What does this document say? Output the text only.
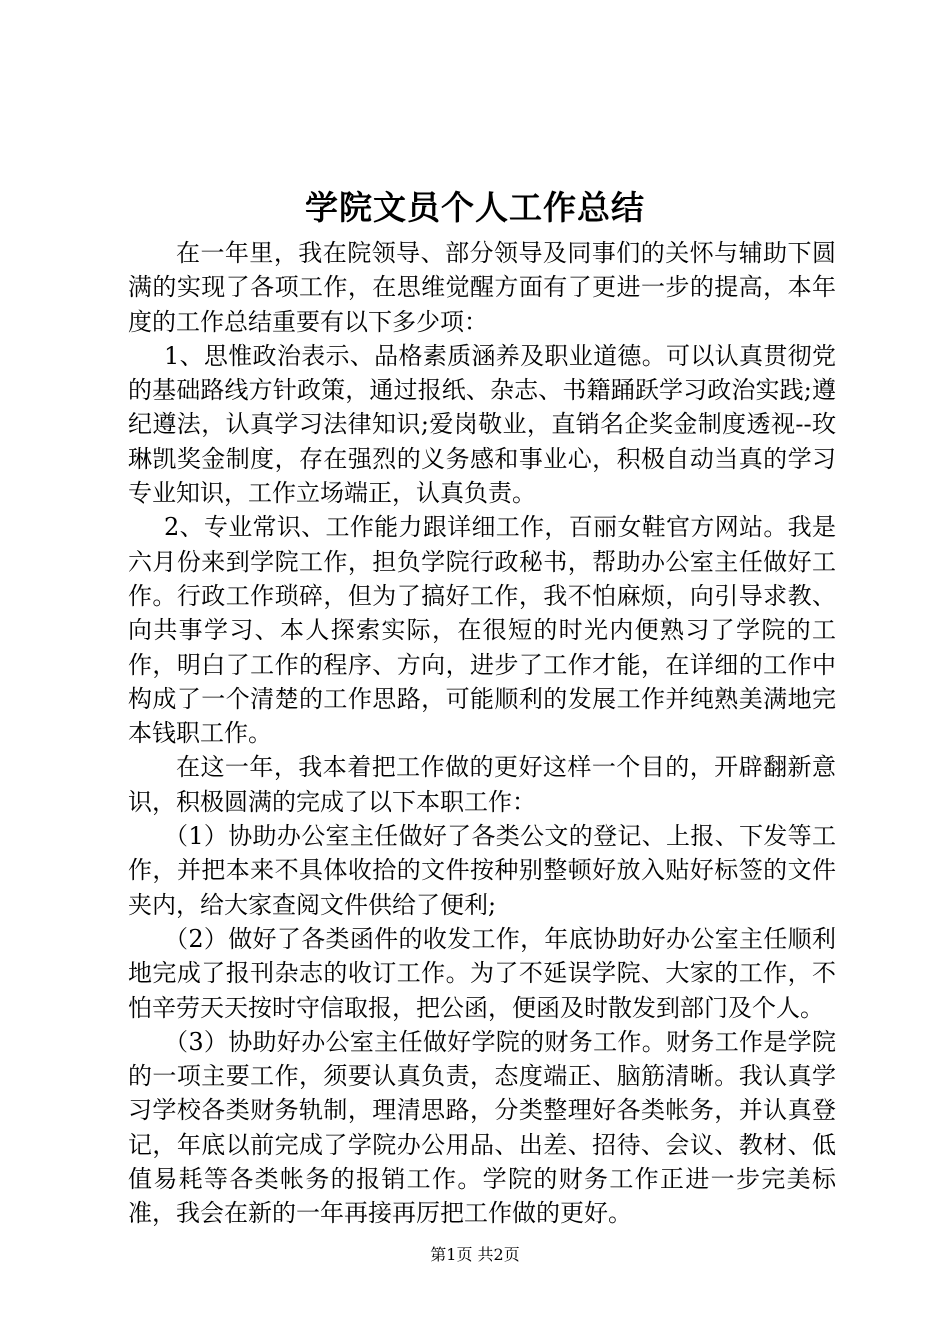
学院文员个人工作总结

在一年里，我在院领导、部分领导及同事们的关怀与辅助下圆满的实现了各项工作，在思维觉醒方面有了更进一步的提高，本年度的工作总结重要有以下多少项：

1、思惟政治表示、品格素质涵养及职业道德。可以认真贯彻党的基础路线方针政策，通过报纸、杂志、书籍踊跃学习政治实践;遵纪遵法，认真学习法律知识;爱岗敬业，直销名企奖金制度透视--玫琳凯奖金制度，存在强烈的义务感和事业心，积极自动当真的学习专业知识，工作立场端正，认真负责。

2、专业常识、工作能力跟详细工作，百丽女鞋官方网站。我是六月份来到学院工作，担负学院行政秘书，帮助办公室主任做好工作。行政工作琐碎，但为了搞好工作，我不怕麻烦，向引导求教、向共事学习、本人探索实际，在很短的时光内便熟习了学院的工作，明白了工作的程序、方向，进步了工作才能，在详细的工作中构成了一个清楚的工作思路，可能顺利的发展工作并纯熟美满地完本钱职工作。

在这一年，我本着把工作做的更好这样一个目的，开辟翻新意识，积极圆满的完成了以下本职工作：

（1）协助办公室主任做好了各类公文的登记、上报、下发等工作，并把本来不具体收拾的文件按种别整顿好放入贴好标签的文件夹内，给大家查阅文件供给了便利;

（2）做好了各类函件的收发工作，年底协助好办公室主任顺利地完成了报刊杂志的收订工作。为了不延误学院、大家的工作，不怕辛劳天天按时守信取报，把公函，便函及时散发到部门及个人。

（3）协助好办公室主任做好学院的财务工作。财务工作是学院的一项主要工作，须要认真负责，态度端正、脑筋清晰。我认真学习学校各类财务轨制，理清思路，分类整理好各类帐务，并认真登记，年底以前完成了学院办公用品、出差、招待、会议、教材、低值易耗等各类帐务的报销工作。学院的财务工作正进一步完美标准，我会在新的一年再接再厉把工作做的更好。

第1页 共2页
